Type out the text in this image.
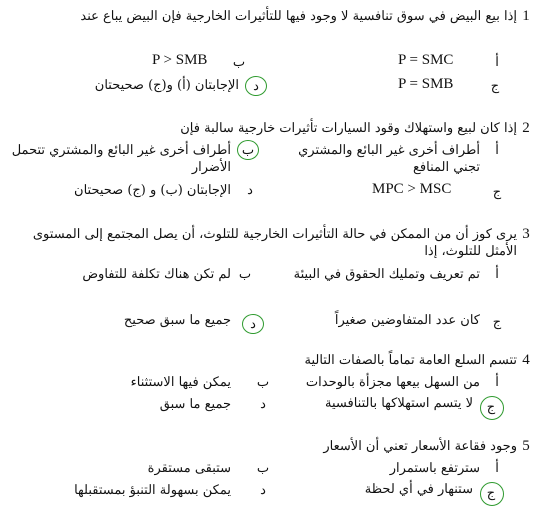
1
إذا بيع البيض في سوق تنافسية لا وجود فيها للتأثيرات الخارجية فإن البيض يباع عند
أ
P = SMC
ب
P > SMB
ج
P = SMB
د
الإجابتان (أ) و(ج) صحيحتان
2
إذا كان لبيع واستهلاك وقود السيارات تأثيرات خارجية سالبة فإن
أ
أطراف أخرى غير البائع والمشتري تجني المنافع
ب
أطراف أخرى غير البائع والمشتري تتحمل الأضرار
ج
MPC > MSC
د
الإجابتان (ب) و (ج) صحيحتان
3
يرى كوز أن من الممكن في حالة التأثيرات الخارجية للتلوث، أن يصل المجتمع إلى المستوى الأمثل للتلوث، إذا
أ
تم تعريف وتمليك الحقوق في البيئة
ب
لم تكن هناك تكلفة للتفاوض
ج
كان عدد المتفاوضين صغيراً
د
جميع ما سبق صحيح
4
تتسم السلع العامة تماماً بالصفات التالية
أ
من السهل بيعها مجزأة بالوحدات
ب
يمكن فيها الاستثناء
ج
لا يتسم استهلاكها بالتنافسية
د
جميع ما سبق
5
وجود فقاعة الأسعار تعني أن الأسعار
أ
سترتفع باستمرار
ب
ستبقى مستقرة
ج
ستنهار في أي لحظة
د
يمكن بسهولة التنبؤ بمستقبلها
